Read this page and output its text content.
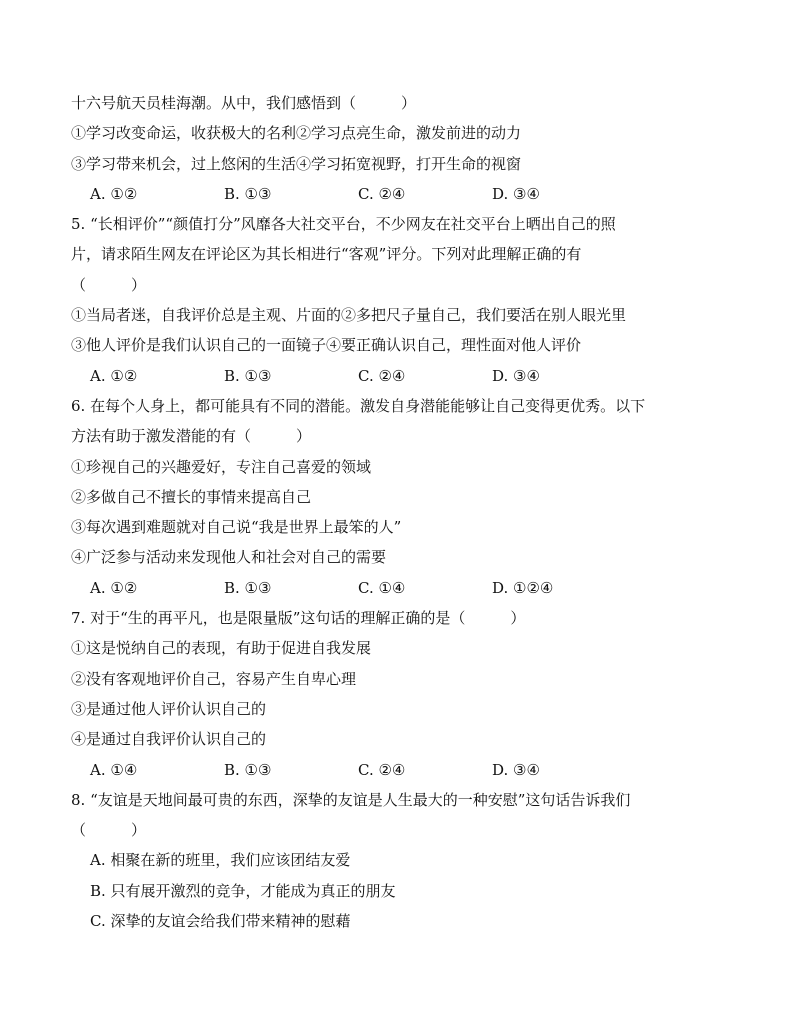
十六号航天员桂海潮。从中，我们感悟到（　　　）
①学习改变命运，收获极大的名利②学习点亮生命，激发前进的动力
③学习带来机会，过上悠闲的生活④学习拓宽视野，打开生命的视窗
A. ①②	B. ①③	C. ②④	D. ③④
5. “长相评价”“颜值打分”风靡各大社交平台，不少网友在社交平台上晒出自己的照
片，请求陌生网友在评论区为其长相进行“客观”评分。下列对此理解正确的有
（　　　）
①当局者迷，自我评价总是主观、片面的②多把尺子量自己，我们要活在别人眼光里
③他人评价是我们认识自己的一面镜子④要正确认识自己，理性面对他人评价
A. ①②	B. ①③	C. ②④	D. ③④
6. 在每个人身上，都可能具有不同的潜能。激发自身潜能能够让自己变得更优秀。以下
方法有助于激发潜能的有（　　　）
①珍视自己的兴趣爱好，专注自己喜爱的领域
②多做自己不擅长的事情来提高自己
③每次遇到难题就对自己说“我是世界上最笨的人”
④广泛参与活动来发现他人和社会对自己的需要
A. ①②	B. ①③	C. ①④	D. ①②④
7. 对于“生的再平凡，也是限量版”这句话的理解正确的是（　　　）
①这是悦纳自己的表现，有助于促进自我发展
②没有客观地评价自己，容易产生自卑心理
③是通过他人评价认识自己的
④是通过自我评价认识自己的
A. ①④	B. ①③	C. ②④	D. ③④
8. “友谊是天地间最可贵的东西，深挚的友谊是人生最大的一种安慰”这句话告诉我们
（　　　）
A. 相聚在新的班里，我们应该团结友爱
B. 只有展开激烈的竞争，才能成为真正的朋友
C. 深挚的友谊会给我们带来精神的慰藉
